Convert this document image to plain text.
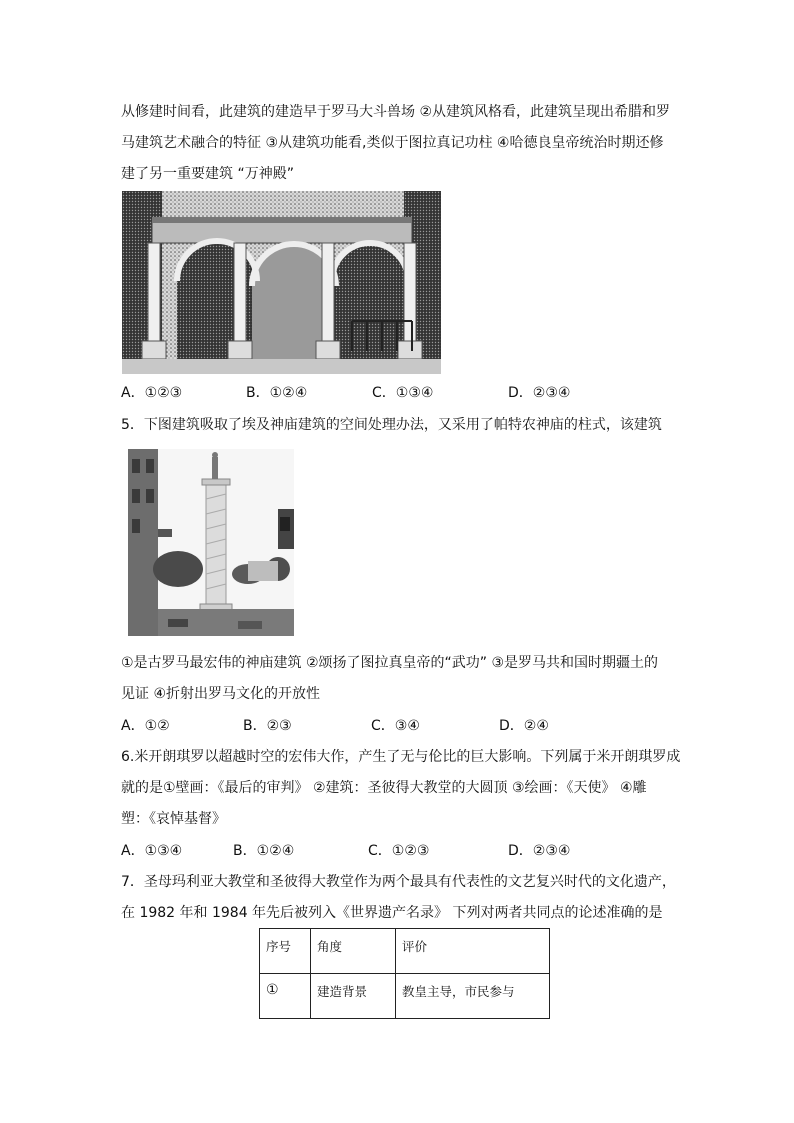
从修建时间看，此建筑的建造早于罗马大斗兽场 ②从建筑风格看，此建筑呈现出希腊和罗
马建筑艺术融合的特征 ③从建筑功能看,类似于图拉真记功柱 ④哈德良皇帝统治时期还修
建了另一重要建筑 “万神殿”
A．①②③	B．①②④	C．①③④	D．②③④
5．下图建筑吸取了埃及神庙建筑的空间处理办法，又采用了帕特农神庙的柱式，该建筑
①是古罗马最宏伟的神庙建筑 ②颂扬了图拉真皇帝的“武功” ③是罗马共和国时期疆土的
见证 ④折射出罗马文化的开放性
A．①②	B．②③	C．③④	D．②④
6.米开朗琪罗以超越时空的宏伟大作，产生了无与伦比的巨大影响。下列属于米开朗琪罗成
就的是①壁画：《最后的审判》 ②建筑：圣彼得大教堂的大圆顶 ③绘画：《天使》 ④雕
塑：《哀悼基督》
A．①③④	B．①②④	C．①②③	D．②③④
7．圣母玛利亚大教堂和圣彼得大教堂作为两个最具有代表性的文艺复兴时代的文化遗产，
在 1982 年和 1984 年先后被列入《世界遗产名录》 下列对两者共同点的论述准确的是
序号	角度	评价
①	建造背景	教皇主导，市民参与
